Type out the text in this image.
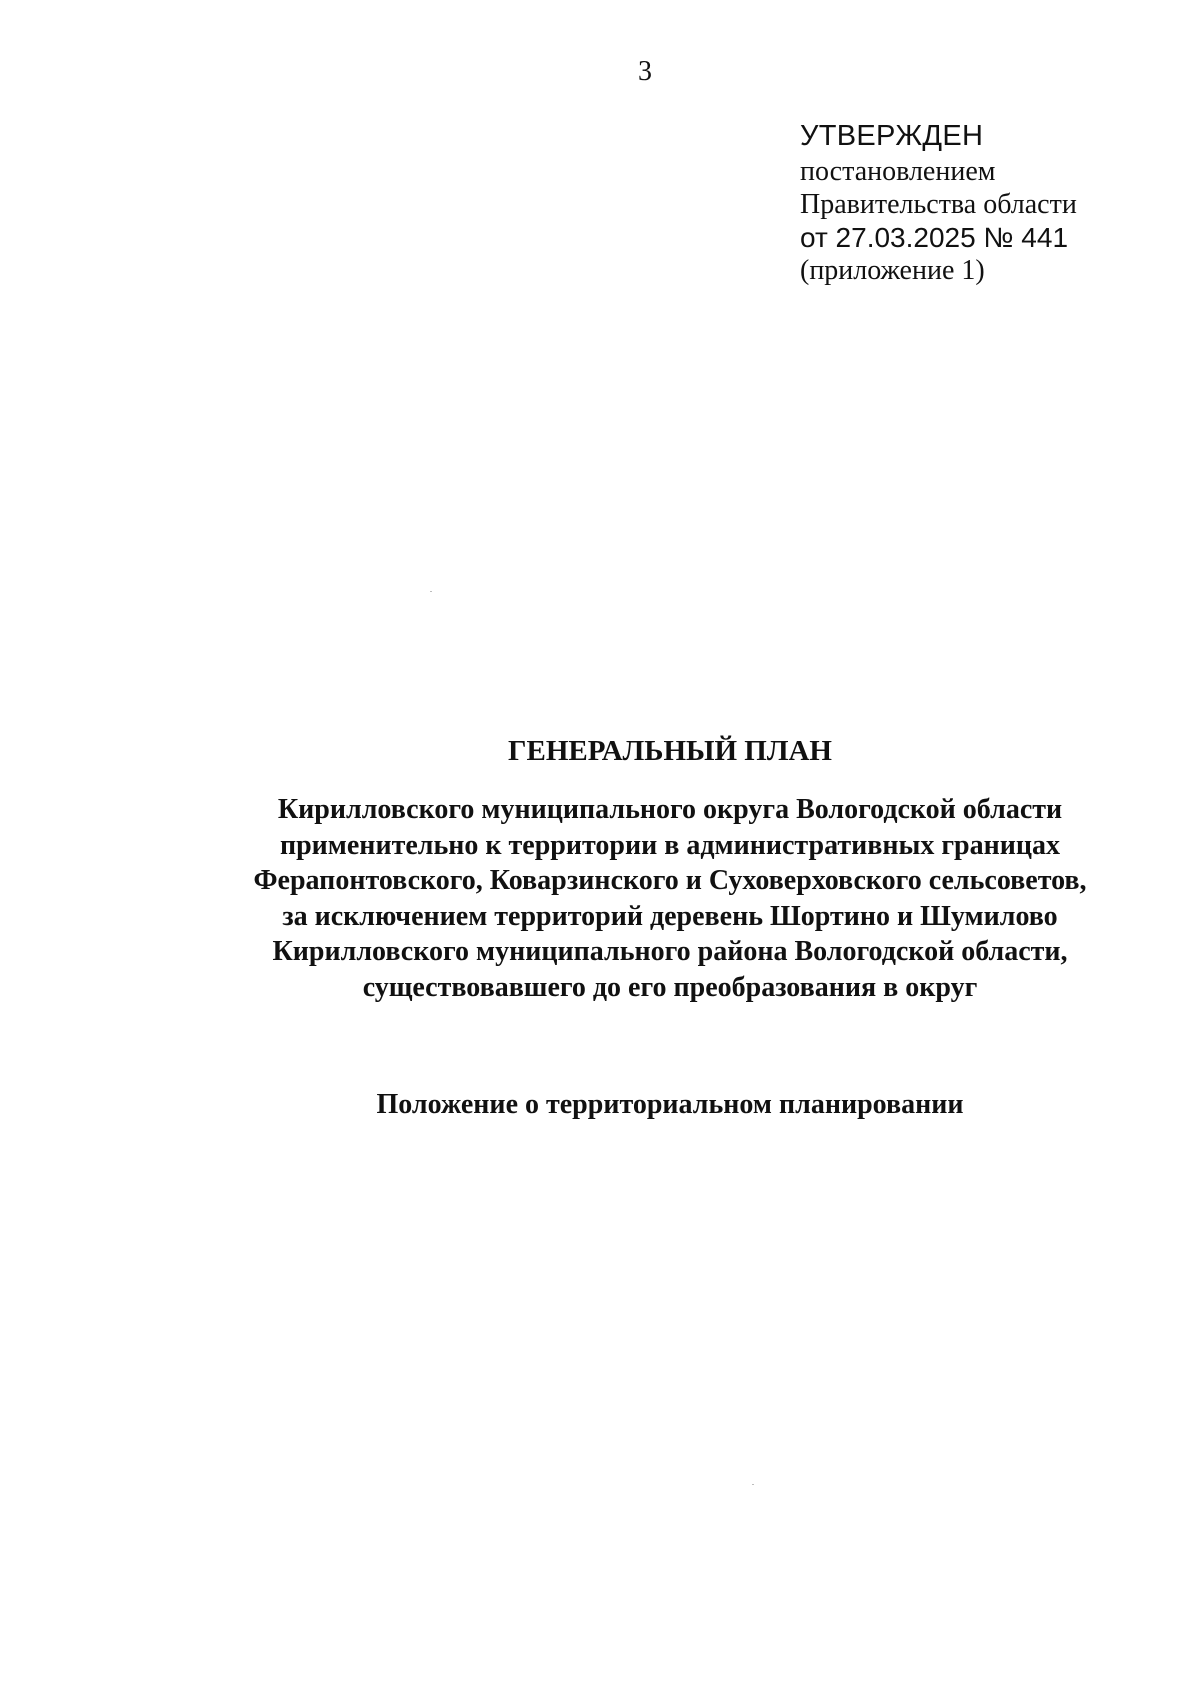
3
УТВЕРЖДЕН
постановлением
Правительства области
от 27.03.2025 № 441
(приложение 1)
ГЕНЕРАЛЬНЫЙ ПЛАН
Кирилловского муниципального округа Вологодской области
применительно к территории в административных границах
Ферапонтовского, Коварзинского и Суховерховского сельсоветов,
за исключением территорий деревень Шортино и Шумилово
Кирилловского муниципального района Вологодской области,
существовавшего до его преобразования в округ
Положение о территориальном планировании
